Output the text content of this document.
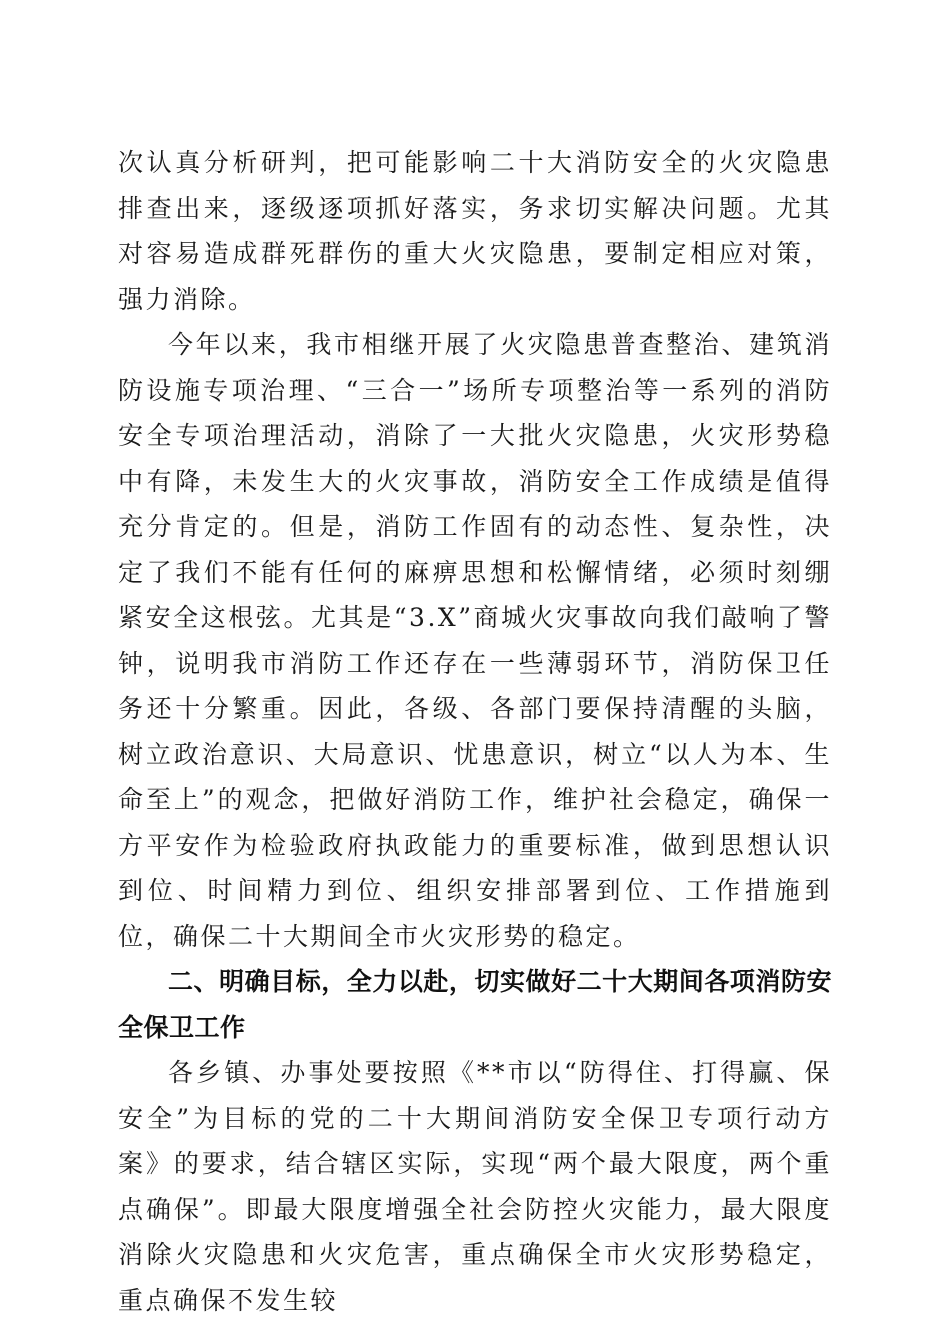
次认真分析研判，把可能影响二十大消防安全的火灾隐患排查出来，逐级逐项抓好落实，务求切实解决问题。尤其对容易造成群死群伤的重大火灾隐患，要制定相应对策，强力消除。

今年以来，我市相继开展了火灾隐患普查整治、建筑消防设施专项治理、“三合一”场所专项整治等一系列的消防安全专项治理活动，消除了一大批火灾隐患，火灾形势稳中有降，未发生大的火灾事故，消防安全工作成绩是值得充分肯定的。但是，消防工作固有的动态性、复杂性，决定了我们不能有任何的麻痹思想和松懈情绪，必须时刻绷紧安全这根弦。尤其是“3.X”商城火灾事故向我们敲响了警钟，说明我市消防工作还存在一些薄弱环节，消防保卫任务还十分繁重。因此，各级、各部门要保持清醒的头脑，树立政治意识、大局意识、忧患意识，树立“以人为本、生命至上”的观念，把做好消防工作，维护社会稳定，确保一方平安作为检验政府执政能力的重要标准，做到思想认识到位、时间精力到位、组织安排部署到位、工作措施到位，确保二十大期间全市火灾形势的稳定。

二、明确目标，全力以赴，切实做好二十大期间各项消防安全保卫工作

各乡镇、办事处要按照《**市以“防得住、打得赢、保安全”为目标的党的二十大期间消防安全保卫专项行动方案》的要求，结合辖区实际，实现“两个最大限度，两个重点确保”。即最大限度增强全社会防控火灾能力，最大限度消除火灾隐患和火灾危害，重点确保全市火灾形势稳定，重点确保不发生较
